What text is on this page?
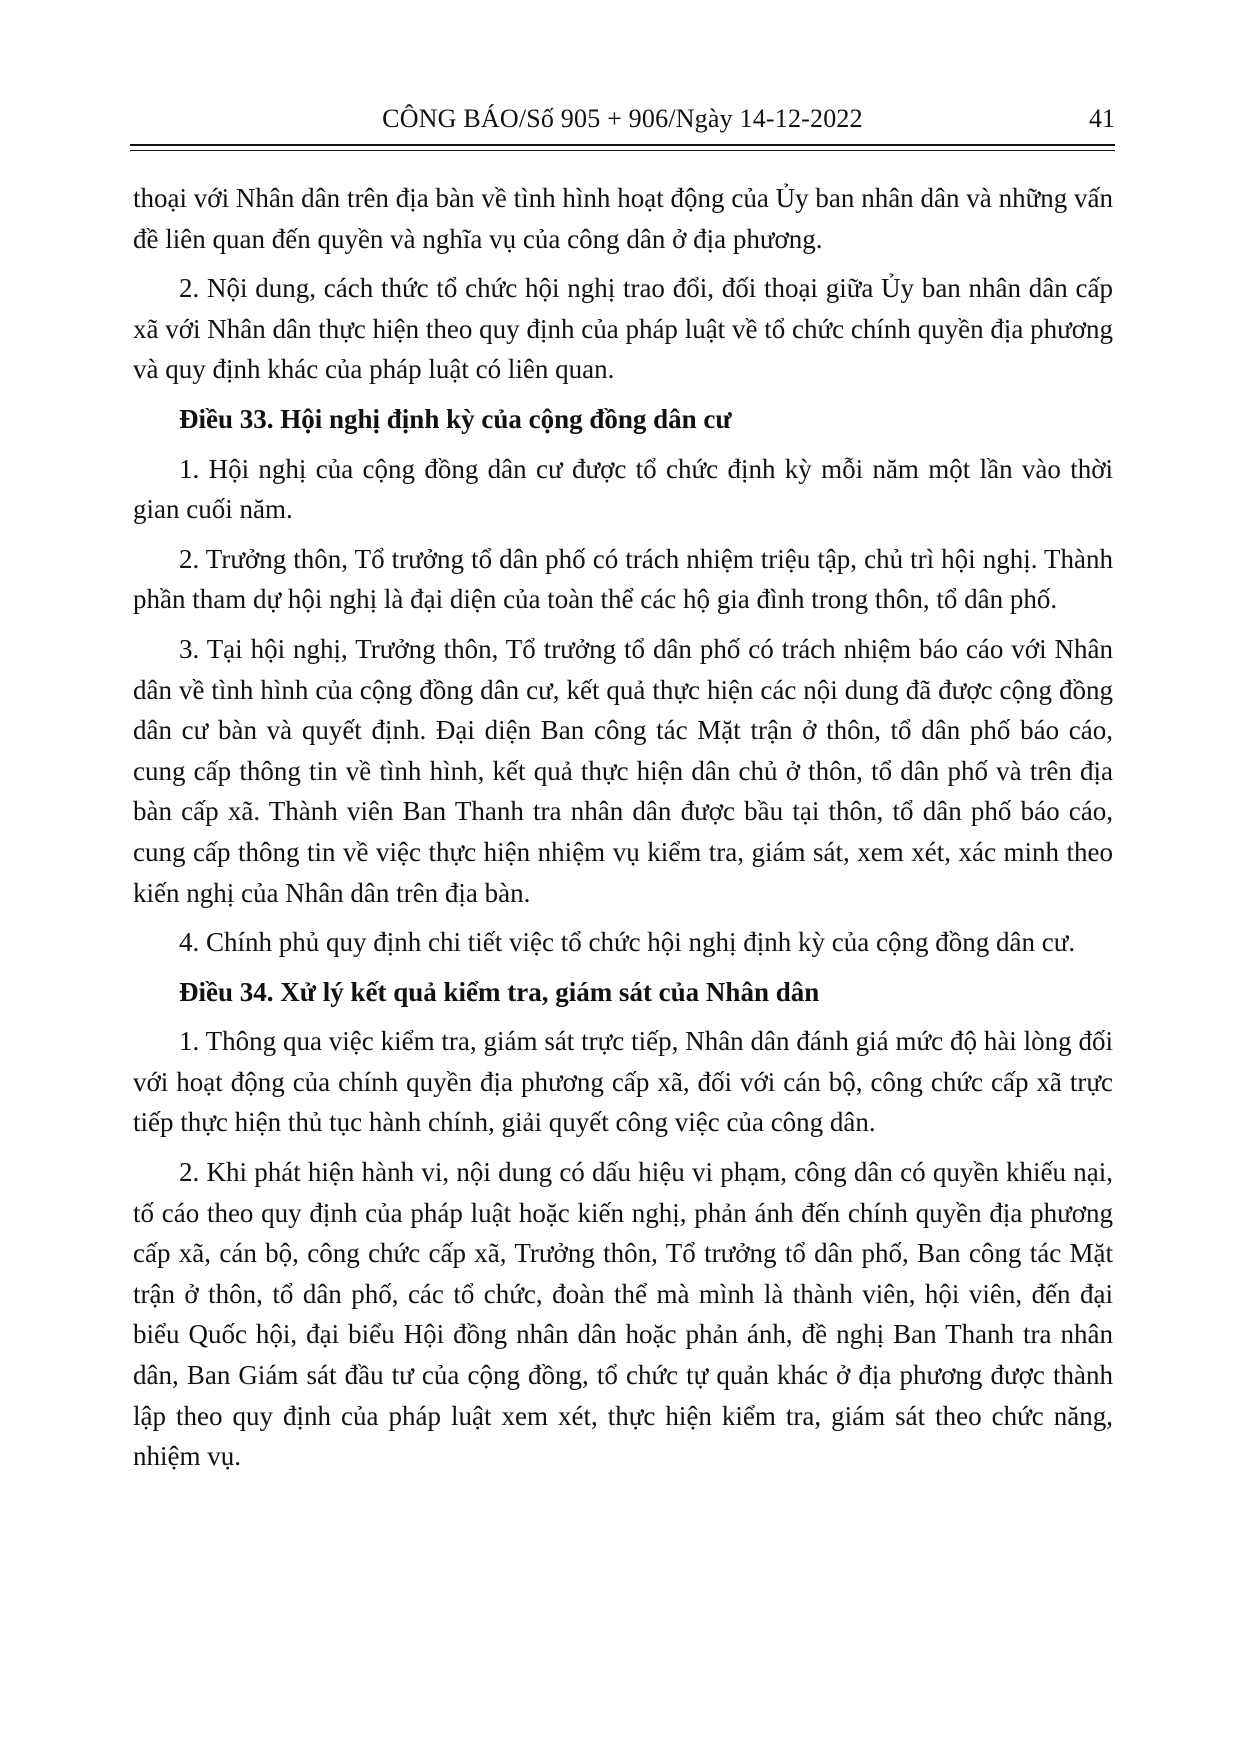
CÔNG BÁO/Số 905 + 906/Ngày 14-12-2022	41

thoại với Nhân dân trên địa bàn về tình hình hoạt động của Ủy ban nhân dân và những vấn đề liên quan đến quyền và nghĩa vụ của công dân ở địa phương.

2. Nội dung, cách thức tổ chức hội nghị trao đổi, đối thoại giữa Ủy ban nhân dân cấp xã với Nhân dân thực hiện theo quy định của pháp luật về tổ chức chính quyền địa phương và quy định khác của pháp luật có liên quan.

Điều 33. Hội nghị định kỳ của cộng đồng dân cư

1. Hội nghị của cộng đồng dân cư được tổ chức định kỳ mỗi năm một lần vào thời gian cuối năm.

2. Trưởng thôn, Tổ trưởng tổ dân phố có trách nhiệm triệu tập, chủ trì hội nghị. Thành phần tham dự hội nghị là đại diện của toàn thể các hộ gia đình trong thôn, tổ dân phố.

3. Tại hội nghị, Trưởng thôn, Tổ trưởng tổ dân phố có trách nhiệm báo cáo với Nhân dân về tình hình của cộng đồng dân cư, kết quả thực hiện các nội dung đã được cộng đồng dân cư bàn và quyết định. Đại diện Ban công tác Mặt trận ở thôn, tổ dân phố báo cáo, cung cấp thông tin về tình hình, kết quả thực hiện dân chủ ở thôn, tổ dân phố và trên địa bàn cấp xã. Thành viên Ban Thanh tra nhân dân được bầu tại thôn, tổ dân phố báo cáo, cung cấp thông tin về việc thực hiện nhiệm vụ kiểm tra, giám sát, xem xét, xác minh theo kiến nghị của Nhân dân trên địa bàn.

4. Chính phủ quy định chi tiết việc tổ chức hội nghị định kỳ của cộng đồng dân cư.

Điều 34. Xử lý kết quả kiểm tra, giám sát của Nhân dân

1. Thông qua việc kiểm tra, giám sát trực tiếp, Nhân dân đánh giá mức độ hài lòng đối với hoạt động của chính quyền địa phương cấp xã, đối với cán bộ, công chức cấp xã trực tiếp thực hiện thủ tục hành chính, giải quyết công việc của công dân.

2. Khi phát hiện hành vi, nội dung có dấu hiệu vi phạm, công dân có quyền khiếu nại, tố cáo theo quy định của pháp luật hoặc kiến nghị, phản ánh đến chính quyền địa phương cấp xã, cán bộ, công chức cấp xã, Trưởng thôn, Tổ trưởng tổ dân phố, Ban công tác Mặt trận ở thôn, tổ dân phố, các tổ chức, đoàn thể mà mình là thành viên, hội viên, đến đại biểu Quốc hội, đại biểu Hội đồng nhân dân hoặc phản ánh, đề nghị Ban Thanh tra nhân dân, Ban Giám sát đầu tư của cộng đồng, tổ chức tự quản khác ở địa phương được thành lập theo quy định của pháp luật xem xét, thực hiện kiểm tra, giám sát theo chức năng, nhiệm vụ.
